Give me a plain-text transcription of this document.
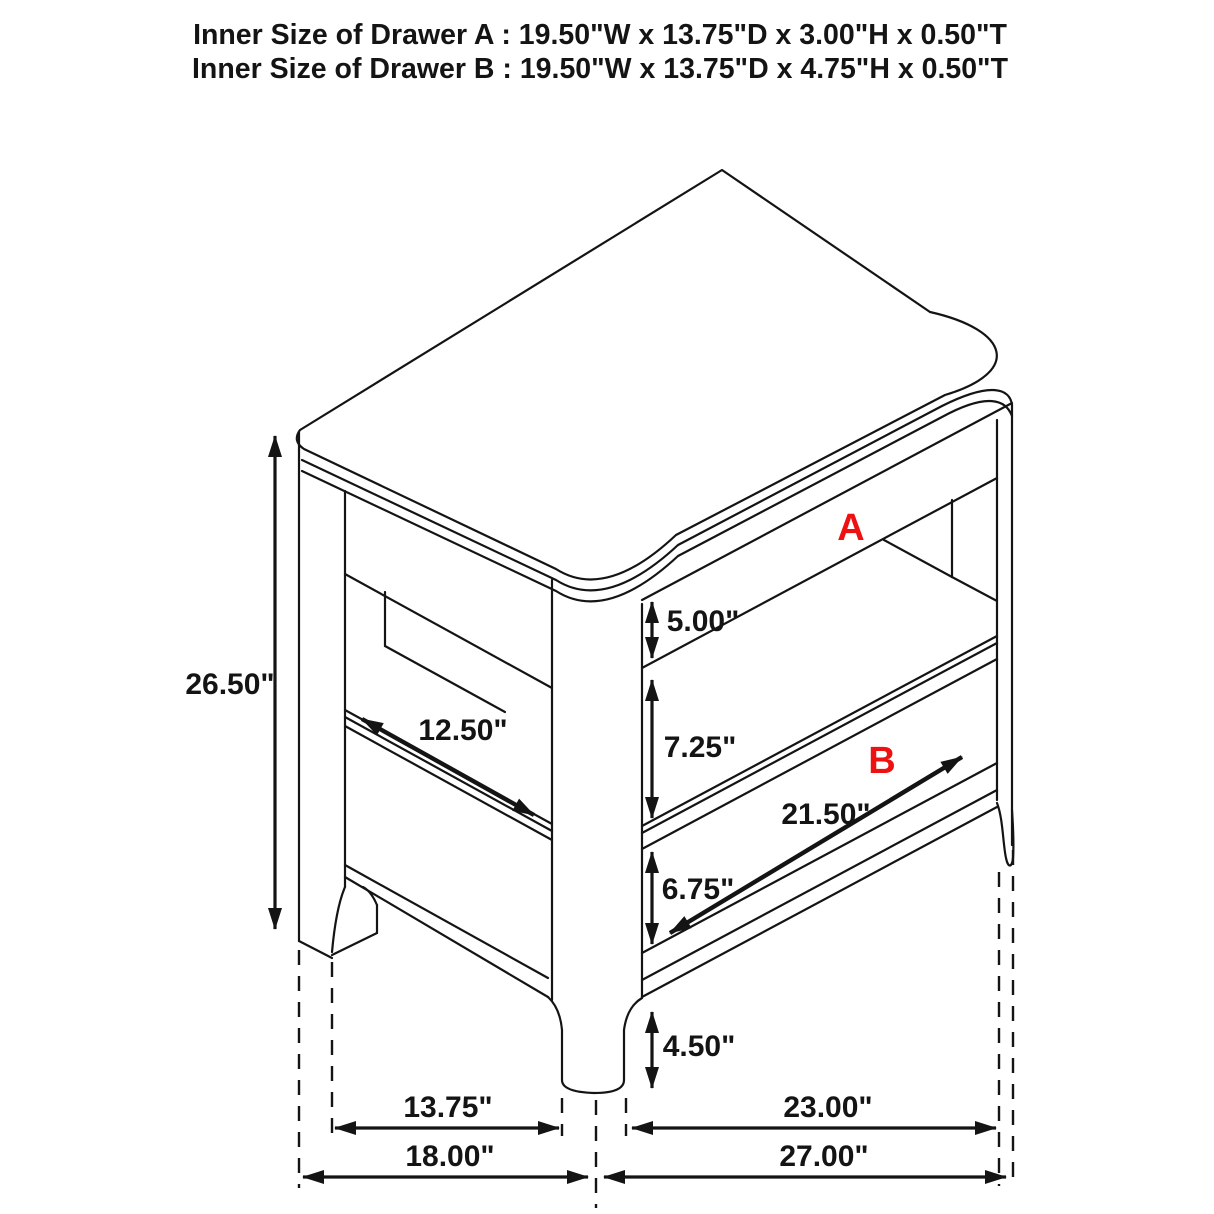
Inner Size of Drawer A : 19.50"W x 13.75"D x 3.00"H x 0.50"T
Inner Size of Drawer B : 19.50"W x 13.75"D x 4.75"H x 0.50"T
26.50"
12.50"
5.00"
7.25"
6.75"
21.50"
4.50"
13.75"
18.00"
23.00"
27.00"
A
B
